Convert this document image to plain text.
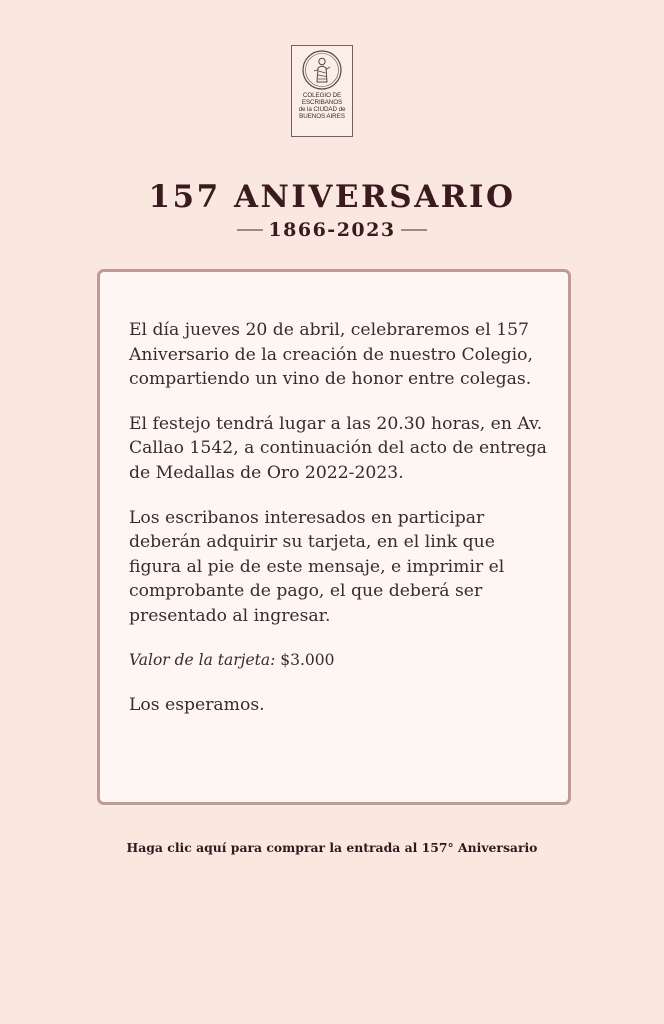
COLEGIO DE
ESCRIBANOS
de la CIUDAD de
BUENOS AIRES
157 ANIVERSARIO
1866-2023

El día jueves 20 de abril, celebraremos el 157 Aniversario de la creación de nuestro Colegio, compartiendo un vino de honor entre colegas.

El festejo tendrá lugar a las 20.30 horas, en Av. Callao 1542, a continuación del acto de entrega de Medallas de Oro 2022-2023.

Los escribanos interesados en participar deberán adquirir su tarjeta, en el link que figura al pie de este mensaje, e imprimir el comprobante de pago, el que deberá ser presentado al ingresar.

Valor de la tarjeta: $3.000

Los esperamos.

Haga clic aquí para comprar la entrada al 157° Aniversario
